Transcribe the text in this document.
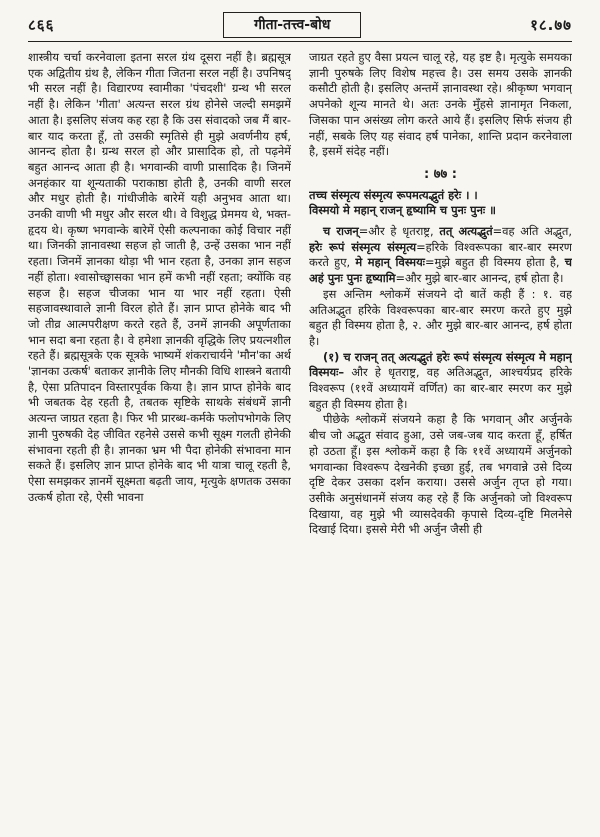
८६६	गीता-तत्त्व-बोध	१८.७७

शास्त्रीय चर्चा करनेवाला इतना सरल ग्रंथ दूसरा नहीं है। ब्रह्मसूत्र एक अद्वितीय ग्रंथ है, लेकिन गीता जितना सरल नहीं है। उपनिषद् भी सरल नहीं है। विद्यारण्य स्वामीका 'पंचदशी' ग्रन्थ भी सरल नहीं है। लेकिन 'गीता' अत्यन्त सरल ग्रंथ होनेसे जल्दी समझमें आता है। इसलिए संजय कह रहा है कि उस संवादको जब मैं बार-बार याद करता हूँ, तो उसकी स्मृतिसे ही मुझे अवर्णनीय हर्ष, आनन्द होता है। ग्रन्थ सरल हो और प्रासादिक हो, तो पढ़नेमें बहुत आनन्द आता ही है। भगवान्की वाणी प्रासादिक है। जिनमें अनहंकार या शून्यताकी पराकाष्ठा होती है, उनकी वाणी सरल और मधुर होती है। गांधीजीके बारेमें यही अनुभव आता था। उनकी वाणी भी मधुर और सरल थी। वे विशुद्ध प्रेममय थे, भक्त-हृदय थे। कृष्ण भगवान्के बारेमें ऐसी कल्पनाका कोई विचार नहीं था। जिनकी ज्ञानावस्था सहज हो जाती है, उन्हें उसका भान नहीं रहता। जिनमें ज्ञानका थोड़ा भी भान रहता है, उनका ज्ञान सहज नहीं होता। श्वासोच्छ्वासका भान हमें कभी नहीं रहता; क्योंकि वह सहज है। सहज चीजका भान या भार नहीं रहता। ऐसी सहजावस्थावाले ज्ञानी विरल होते हैं। ज्ञान प्राप्त होनेके बाद भी जो तीव्र आत्मपरीक्षण करते रहते हैं, उनमें ज्ञानकी अपूर्णताका भान सदा बना रहता है। वे हमेशा ज्ञानकी वृद्धिके लिए प्रयत्नशील रहते हैं। ब्रह्मसूत्रके एक सूत्रके भाष्यमें शंकराचार्यने 'मौन'का अर्थ 'ज्ञानका उत्कर्ष' बताकर ज्ञानीके लिए मौनकी विधि शास्त्रने बतायी है, ऐसा प्रतिपादन विस्तारपूर्वक किया है। ज्ञान प्राप्त होनेके बाद भी जबतक देह रहती है, तबतक सृष्टिके साथके संबंधमें ज्ञानी अत्यन्त जाग्रत रहता है। फिर भी प्रारब्ध-कर्मके फलोपभोगके लिए ज्ञानी पुरुषकी देह जीवित रहनेसे उससे कभी सूक्ष्म गलती होनेकी संभावना रहती ही है। ज्ञानका भ्रम भी पैदा होनेकी संभावना मान सकते हैं। इसलिए ज्ञान प्राप्त होनेके बाद भी यात्रा चालू रहती है, ऐसा समझकर ज्ञानमें सूक्ष्मता बढ़ती जाय, मृत्युके क्षणतक उसका उत्कर्ष होता रहे, ऐसी भावना

जाग्रत रहते हुए वैसा प्रयत्न चालू रहे, यह इष्ट है। मृत्युके समयका ज्ञानी पुरुषके लिए विशेष महत्त्व है। उस समय उसके ज्ञानकी कसौटी होती है। इसलिए अन्तमें ज्ञानावस्था रहे। श्रीकृष्ण भगवान् अपनेको शून्य मानते थे। अतः उनके मुँहसे ज्ञानामृत निकला, जिसका पान असंख्य लोग करते आये हैं। इसलिए सिर्फ संजय ही नहीं, सबके लिए यह संवाद हर्ष पानेका, शान्ति प्रदान करनेवाला है, इसमें संदेह नहीं।

: ७७ :

तच्च संस्मृत्य संस्मृत्य रूपमत्यद्भुतं हरेः । ।
विस्मयो मे महान् राजन् हृष्यामि च पुनः पुनः ॥

च राजन्=और हे धृतराष्ट्र, तत् अत्यद्भुतं=वह अति अद्भुत, हरेः रूपं संस्मृत्य संस्मृत्य=हरिके विश्वरूपका बार-बार स्मरण करते हुए, मे महान् विस्मयः=मुझे बहुत ही विस्मय होता है, च अहं पुनः पुनः हृष्यामि=और मुझे बार-बार आनन्द, हर्ष होता है।

इस अन्तिम श्लोकमें संजयने दो बातें कही हैं : १. वह अतिअद्भुत हरिके विश्वरूपका बार-बार स्मरण करते हुए मुझे बहुत ही विस्मय होता है, २. और मुझे बार-बार आनन्द, हर्ष होता है।

(१) च राजन् तत् अत्यद्भुतं हरेः रूपं संस्मृत्य संस्मृत्य मे महान् विस्मयः– और हे धृतराष्ट्र, वह अतिअद्भुत, आश्चर्यप्रद हरिके विश्वरूप (११वें अध्यायमें वर्णित) का बार-बार स्मरण कर मुझे बहुत ही विस्मय होता है।

पीछेके श्लोकमें संजयने कहा है कि भगवान् और अर्जुनके बीच जो अद्भुत संवाद हुआ, उसे जब-जब याद करता हूँ, हर्षित हो उठता हूँ। इस श्लोकमें कहा है कि ११वें अध्यायमें अर्जुनको भगवान्का विश्वरूप देखनेकी इच्छा हुई, तब भगवान्ने उसे दिव्य दृष्टि देकर उसका दर्शन कराया। उससे अर्जुन तृप्त हो गया। उसीके अनुसंधानमें संजय कह रहे हैं कि अर्जुनको जो विश्वरूप दिखाया, वह मुझे भी व्यासदेवकी कृपासे दिव्य-दृष्टि मिलनेसे दिखाई दिया। इससे मेरी भी अर्जुन जैसी ही
